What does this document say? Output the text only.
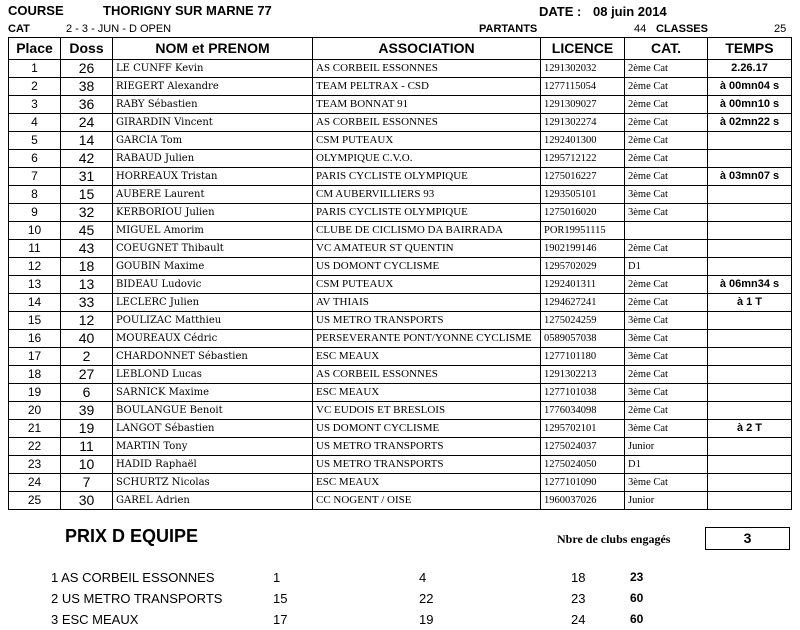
COURSE	THORIGNY SUR MARNE 77	DATE : 08 juin 2014
CAT	2 - 3 - JUN - D OPEN	PARTANTS	44 CLASSES	25
Place	Doss	NOM et PRENOM	ASSOCIATION	LICENCE	CAT.	TEMPS
1	26	LE CUNFF Kevin	AS CORBEIL ESSONNES	1291302032	2ème Cat	2.26.17
2	38	RIEGERT Alexandre	TEAM PELTRAX - CSD	1277115054	2ème Cat	à 00mn04 s
3	36	RABY Sébastien	TEAM BONNAT 91	1291309027	2ème Cat	à 00mn10 s
4	24	GIRARDIN Vincent	AS CORBEIL ESSONNES	1291302274	2ème Cat	à 02mn22 s
5	14	GARCIA Tom	CSM PUTEAUX	1292401300	2ème Cat	
6	42	RABAUD Julien	OLYMPIQUE C.V.O.	1295712122	2ème Cat	
7	31	HORREAUX Tristan	PARIS CYCLISTE OLYMPIQUE	1275016227	2ème Cat	à 03mn07 s
8	15	AUBERE Laurent	CM AUBERVILLIERS 93	1293505101	3ème Cat	
9	32	KERBORIOU Julien	PARIS CYCLISTE OLYMPIQUE	1275016020	3ème Cat	
10	45	MIGUEL Amorim	CLUBE DE CICLISMO DA BAIRRADA	POR19951115		
11	43	COEUGNET Thibault	VC AMATEUR ST QUENTIN	1902199146	2ème Cat	
12	18	GOUBIN Maxime	US DOMONT CYCLISME	1295702029	D1	
13	13	BIDEAU Ludovic	CSM PUTEAUX	1292401311	2ème Cat	à 06mn34 s
14	33	LECLERC Julien	AV THIAIS	1294627241	2ème Cat	à 1 T
15	12	POULIZAC Matthieu	US METRO TRANSPORTS	1275024259	3ème Cat	
16	40	MOUREAUX Cédric	PERSEVERANTE PONT/YONNE CYCLISME	0589057038	3ème Cat	
17	2	CHARDONNET Sébastien	ESC MEAUX	1277101180	3ème Cat	
18	27	LEBLOND Lucas	AS CORBEIL ESSONNES	1291302213	2ème Cat	
19	6	SARNICK Maxime	ESC MEAUX	1277101038	3ème Cat	
20	39	BOULANGUE Benoit	VC EUDOIS ET BRESLOIS	1776034098	2ème Cat	
21	19	LANGOT Sébastien	US DOMONT CYCLISME	1295702101	3ème Cat	à 2 T
22	11	MARTIN Tony	US METRO TRANSPORTS	1275024037	Junior	
23	10	HADID Raphaël	US METRO TRANSPORTS	1275024050	D1	
24	7	SCHURTZ Nicolas	ESC MEAUX	1277101090	3ème Cat	
25	30	GAREL Adrien	CC NOGENT / OISE	1960037026	Junior	
PRIX D EQUIPE	Nbre de clubs engagés	3
1 AS CORBEIL ESSONNES	1	4	18	23
2 US METRO TRANSPORTS	15	22	23	60
3 ESC MEAUX	17	19	24	60
